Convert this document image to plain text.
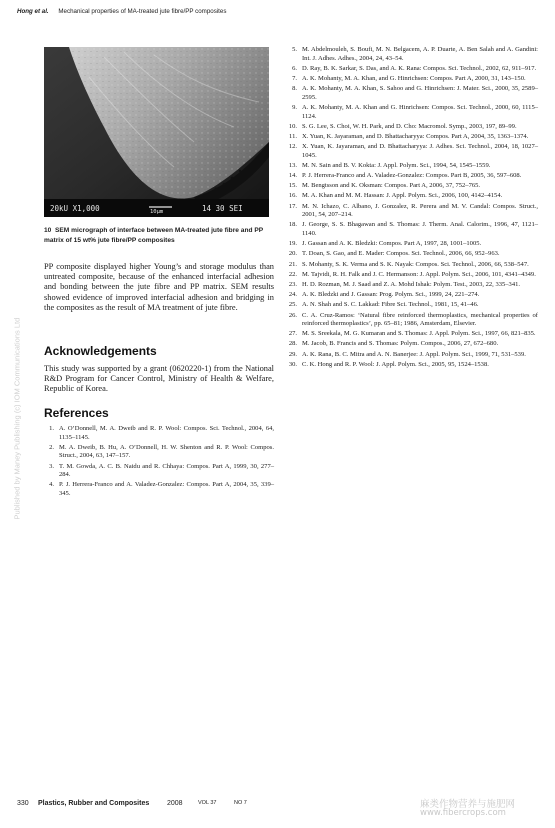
Hong et al. Mechanical properties of MA-treated jute fibre/PP composites
Published by Maney Publishing (c) IOM Communications Ltd
20kU X1,000	10µm	14 30 SEI
10 SEM micrograph of interface between MA-treated jute fibre and PP matrix of 15 wt% jute fibre/PP composites

PP composite displayed higher Young’s and storage modulus than untreated composite, because of the enhanced interfacial adhesion and bonding between the jute fibre and PP matrix. SEM results showed evidence of improved interfacial adhesion and bridging in the composites as the result of MA treatment of jute fibre.

Acknowledgements

This study was supported by a grant (0620220-1) from the National R&D Program for Cancer Control, Ministry of Health & Welfare, Republic of Korea.

References
1. A. O’Donnell, M. A. Dweib and R. P. Wool: Compos. Sci. Technol., 2004, 64, 1135–1145.
2. M. A. Dweib, B. Hu, A. O’Donnell, H. W. Shenton and R. P. Wool: Compos. Struct., 2004, 63, 147–157.
3. T. M. Gowda, A. C. B. Naidu and R. Chhaya: Compos. Part A, 1999, 30, 277–284.
4. P. J. Herrera-Franco and A. Valadez-Gonzalez: Compos. Part A, 2004, 35, 339–345.
5. M. Abdelmouleh, S. Boufi, M. N. Belgacem, A. P. Duarte, A. Ben Salah and A. Gandini: Int. J. Adhes. Adhes., 2004, 24, 43–54.
6. D. Ray, B. K. Sarkar, S. Das, and A. K. Rana: Compos. Sci. Technol., 2002, 62, 911–917.
7. A. K. Mohanty, M. A. Khan, and G. Hinrichsen: Compos. Part A, 2000, 31, 143–150.
8. A. K. Mohanty, M. A. Khan, S. Sahoo and G. Hinrichsen: J. Mater. Sci., 2000, 35, 2589–2595.
9. A. K. Mohanty, M. A. Khan and G. Hinrichsen: Compos. Sci. Technol., 2000, 60, 1115–1124.
10. S. G. Lee, S. Choi, W. H. Park, and D. Cho: Macromol. Symp., 2003, 197, 89–99.
11. X. Yuan, K. Jayaraman, and D. Bhattacharyya: Compos. Part A, 2004, 35, 1363–1374.
12. X. Yuan, K. Jayaraman, and D. Bhattacharyya: J. Adhes. Sci. Technol., 2004, 18, 1027–1045.
13. M. N. Sain and B. V. Kokta: J. Appl. Polym. Sci., 1994, 54, 1545–1559.
14. P. J. Herrera-Franco and A. Valadez-Gonzalez: Compos. Part B, 2005, 36, 597–608.
15. M. Bengtsson and K. Oksman: Compos. Part A, 2006, 37, 752–765.
16. M. A. Khan and M. M. Hassan: J. Appl. Polym. Sci., 2006, 100, 4142–4154.
17. M. N. Ichazo, C. Albano, J. Gonzalez, R. Perera and M. V. Candal: Compos. Struct., 2001, 54, 207–214.
18. J. George, S. S. Bhagawan and S. Thomas: J. Therm. Anal. Calorim., 1996, 47, 1121–1140.
19. J. Gassan and A. K. Bledzki: Compos. Part A, 1997, 28, 1001–1005.
20. T. Doan, S. Gao, and E. Mader: Compos. Sci. Technol., 2006, 66, 952–963.
21. S. Mohanty, S. K. Verma and S. K. Nayak: Compos. Sci. Technol., 2006, 66, 538–547.
22. M. Tajvidi, R. H. Falk and J. C. Hermanson: J. Appl. Polym. Sci., 2006, 101, 4341–4349.
23. H. D. Rozman, M. J. Saad and Z. A. Mohd Ishak: Polym. Test., 2003, 22, 335–341.
24. A. K. Bledzki and J. Gassan: Prog. Polym. Sci., 1999, 24, 221–274.
25. A. N. Shah and S. C. Lakkad: Fibre Sci. Technol., 1981, 15, 41–46.
26. C. A. Cruz-Ramos: ‘Natural fibre reinforced thermoplastics, mechanical properties of reinforced thermoplastics’, pp. 65–81; 1986, Amsterdam, Elsevier.
27. M. S. Sreekala, M. G. Kumaran and S. Thomas: J. Appl. Polym. Sci., 1997, 66, 821–835.
28. M. Jacob, B. Francis and S. Thomas: Polym. Compos., 2006, 27, 672–680.
29. A. K. Rana, B. C. Mitra and A. N. Banerjee: J. Appl. Polym. Sci., 1999, 71, 531–539.
30. C. K. Hong and R. P. Wool: J. Appl. Polym. Sci., 2005, 95, 1524–1538.
330 Plastics, Rubber and Composites	2008	VOL 37	NO 7	麻类作物营养与施肥网
www.fibercrops.com
